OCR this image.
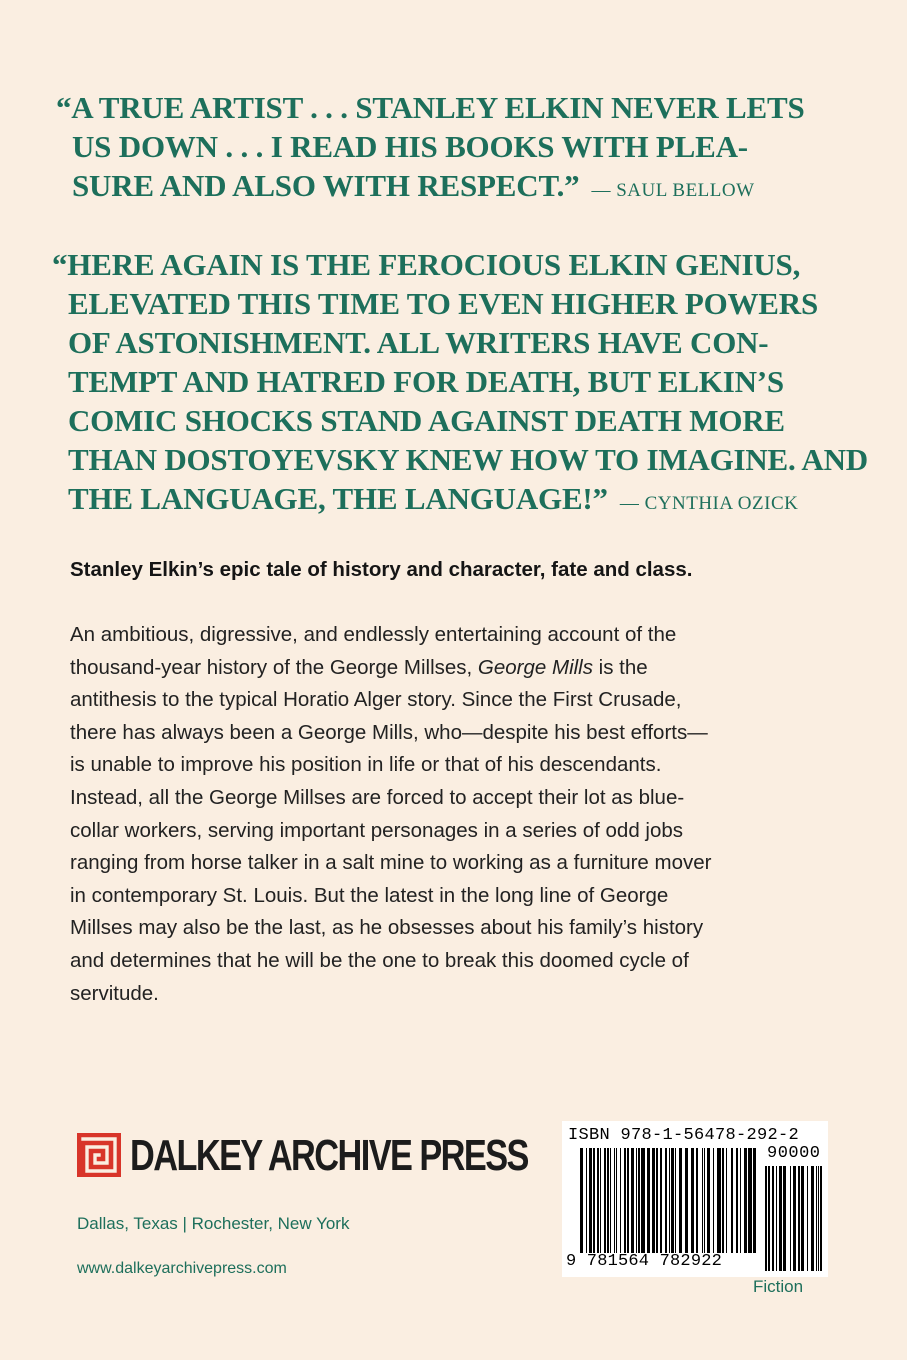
“A TRUE ARTIST . . . STANLEY ELKIN NEVER LETS
US DOWN . . . I READ HIS BOOKS WITH PLEA-
SURE AND ALSO WITH RESPECT.” — SAUL BELLOW
“HERE AGAIN IS THE FEROCIOUS ELKIN GENIUS,
ELEVATED THIS TIME TO EVEN HIGHER POWERS
OF ASTONISHMENT. ALL WRITERS HAVE CON-
TEMPT AND HATRED FOR DEATH, BUT ELKIN’S
COMIC SHOCKS STAND AGAINST DEATH MORE
THAN DOSTOYEVSKY KNEW HOW TO IMAGINE. AND
THE LANGUAGE, THE LANGUAGE!” — CYNTHIA OZICK
Stanley Elkin’s epic tale of history and character, fate and class.
An ambitious, digressive, and endlessly entertaining account of the
thousand-year history of the George Millses, George Mills is the
antithesis to the typical Horatio Alger story. Since the First Crusade,
there has always been a George Mills, who—despite his best efforts—
is unable to improve his position in life or that of his descendants.
Instead, all the George Millses are forced to accept their lot as blue-
collar workers, serving important personages in a series of odd jobs
ranging from horse talker in a salt mine to working as a furniture mover
in contemporary St. Louis. But the latest in the long line of George
Millses may also be the last, as he obsesses about his family’s history
and determines that he will be the one to break this doomed cycle of
servitude.
DALKEY ARCHIVE PRESS
Dallas, Texas | Rochester, New York
www.dalkeyarchivepress.com
ISBN 978-1-56478-292-2
90000
9 781564 782922
Fiction
